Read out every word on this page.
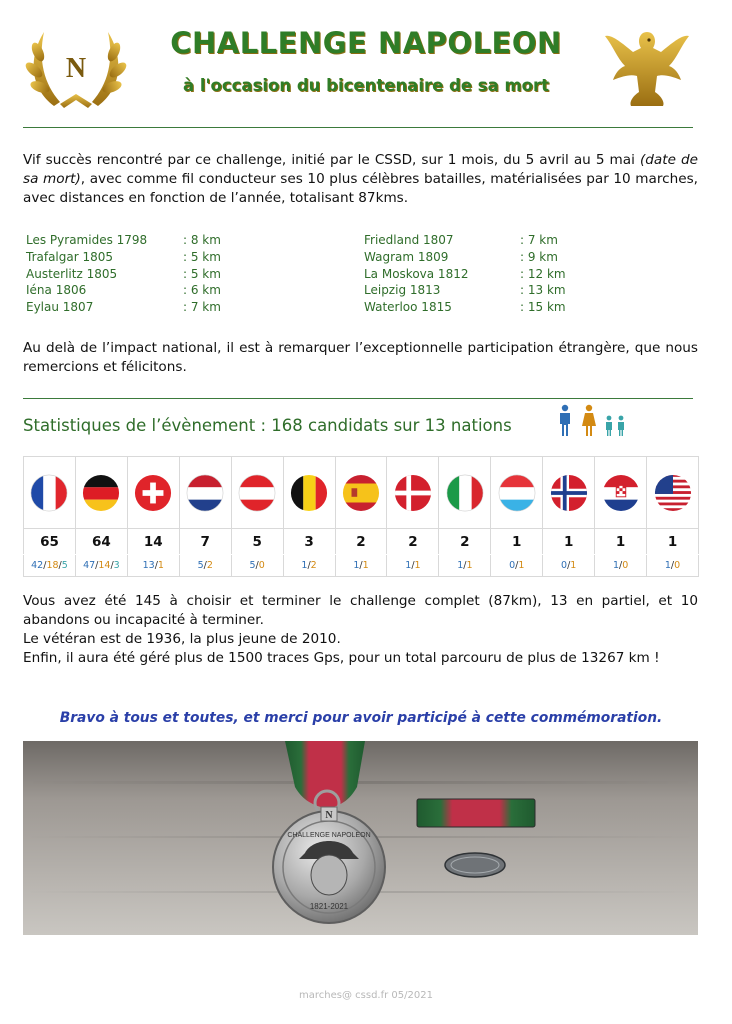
N
CHALLENGE NAPOLEON
à l'occasion du bicentenaire de sa mort

Vif succès rencontré par ce challenge, initié par le CSSD, sur 1 mois, du 5 avril au 5 mai (date de sa mort), avec comme fil conducteur ses 10 plus célèbres batailles, matérialisées par 10 marches, avec distances en fonction de l’année, totalisant 87kms.

Les Pyramides 1798	: 8 km
Trafalgar 1805	: 5 km
Austerlitz 1805	: 5 km
Iéna 1806	: 6 km
Eylau 1807	: 7 km
Friedland 1807	: 7 km
Wagram 1809	: 9 km
La Moskova 1812	: 12 km
Leipzig 1813	: 13 km
Waterloo 1815	: 15 km

Au delà de l’impact national, il est à remarquer l’exceptionnelle participation étrangère, que nous remercions et félicitons.

Statistiques de l’évènement : 168 candidats sur 13 nations

65	64	14	7	5	3	2	2	2	1	1	1	1
42/18/5	47/14/3	13/1	5/2	5/0	1/2	1/1	1/1	1/1	0/1	0/1	1/0	1/0

Vous avez été 145 à choisir et terminer le challenge complet (87km), 13 en partiel, et 10 abandons ou incapacité à terminer.

Le vétéran est de 1936, la plus jeune de 2010.

Enfin, il aura été géré plus de 1500 traces Gps, pour un total parcouru de plus de 13267 km !

Bravo à tous et toutes, et merci pour avoir participé à cette commémoration.
CHALLENGE NAPOLEON
1821-2021
N
marches@ cssd.fr 05/2021
